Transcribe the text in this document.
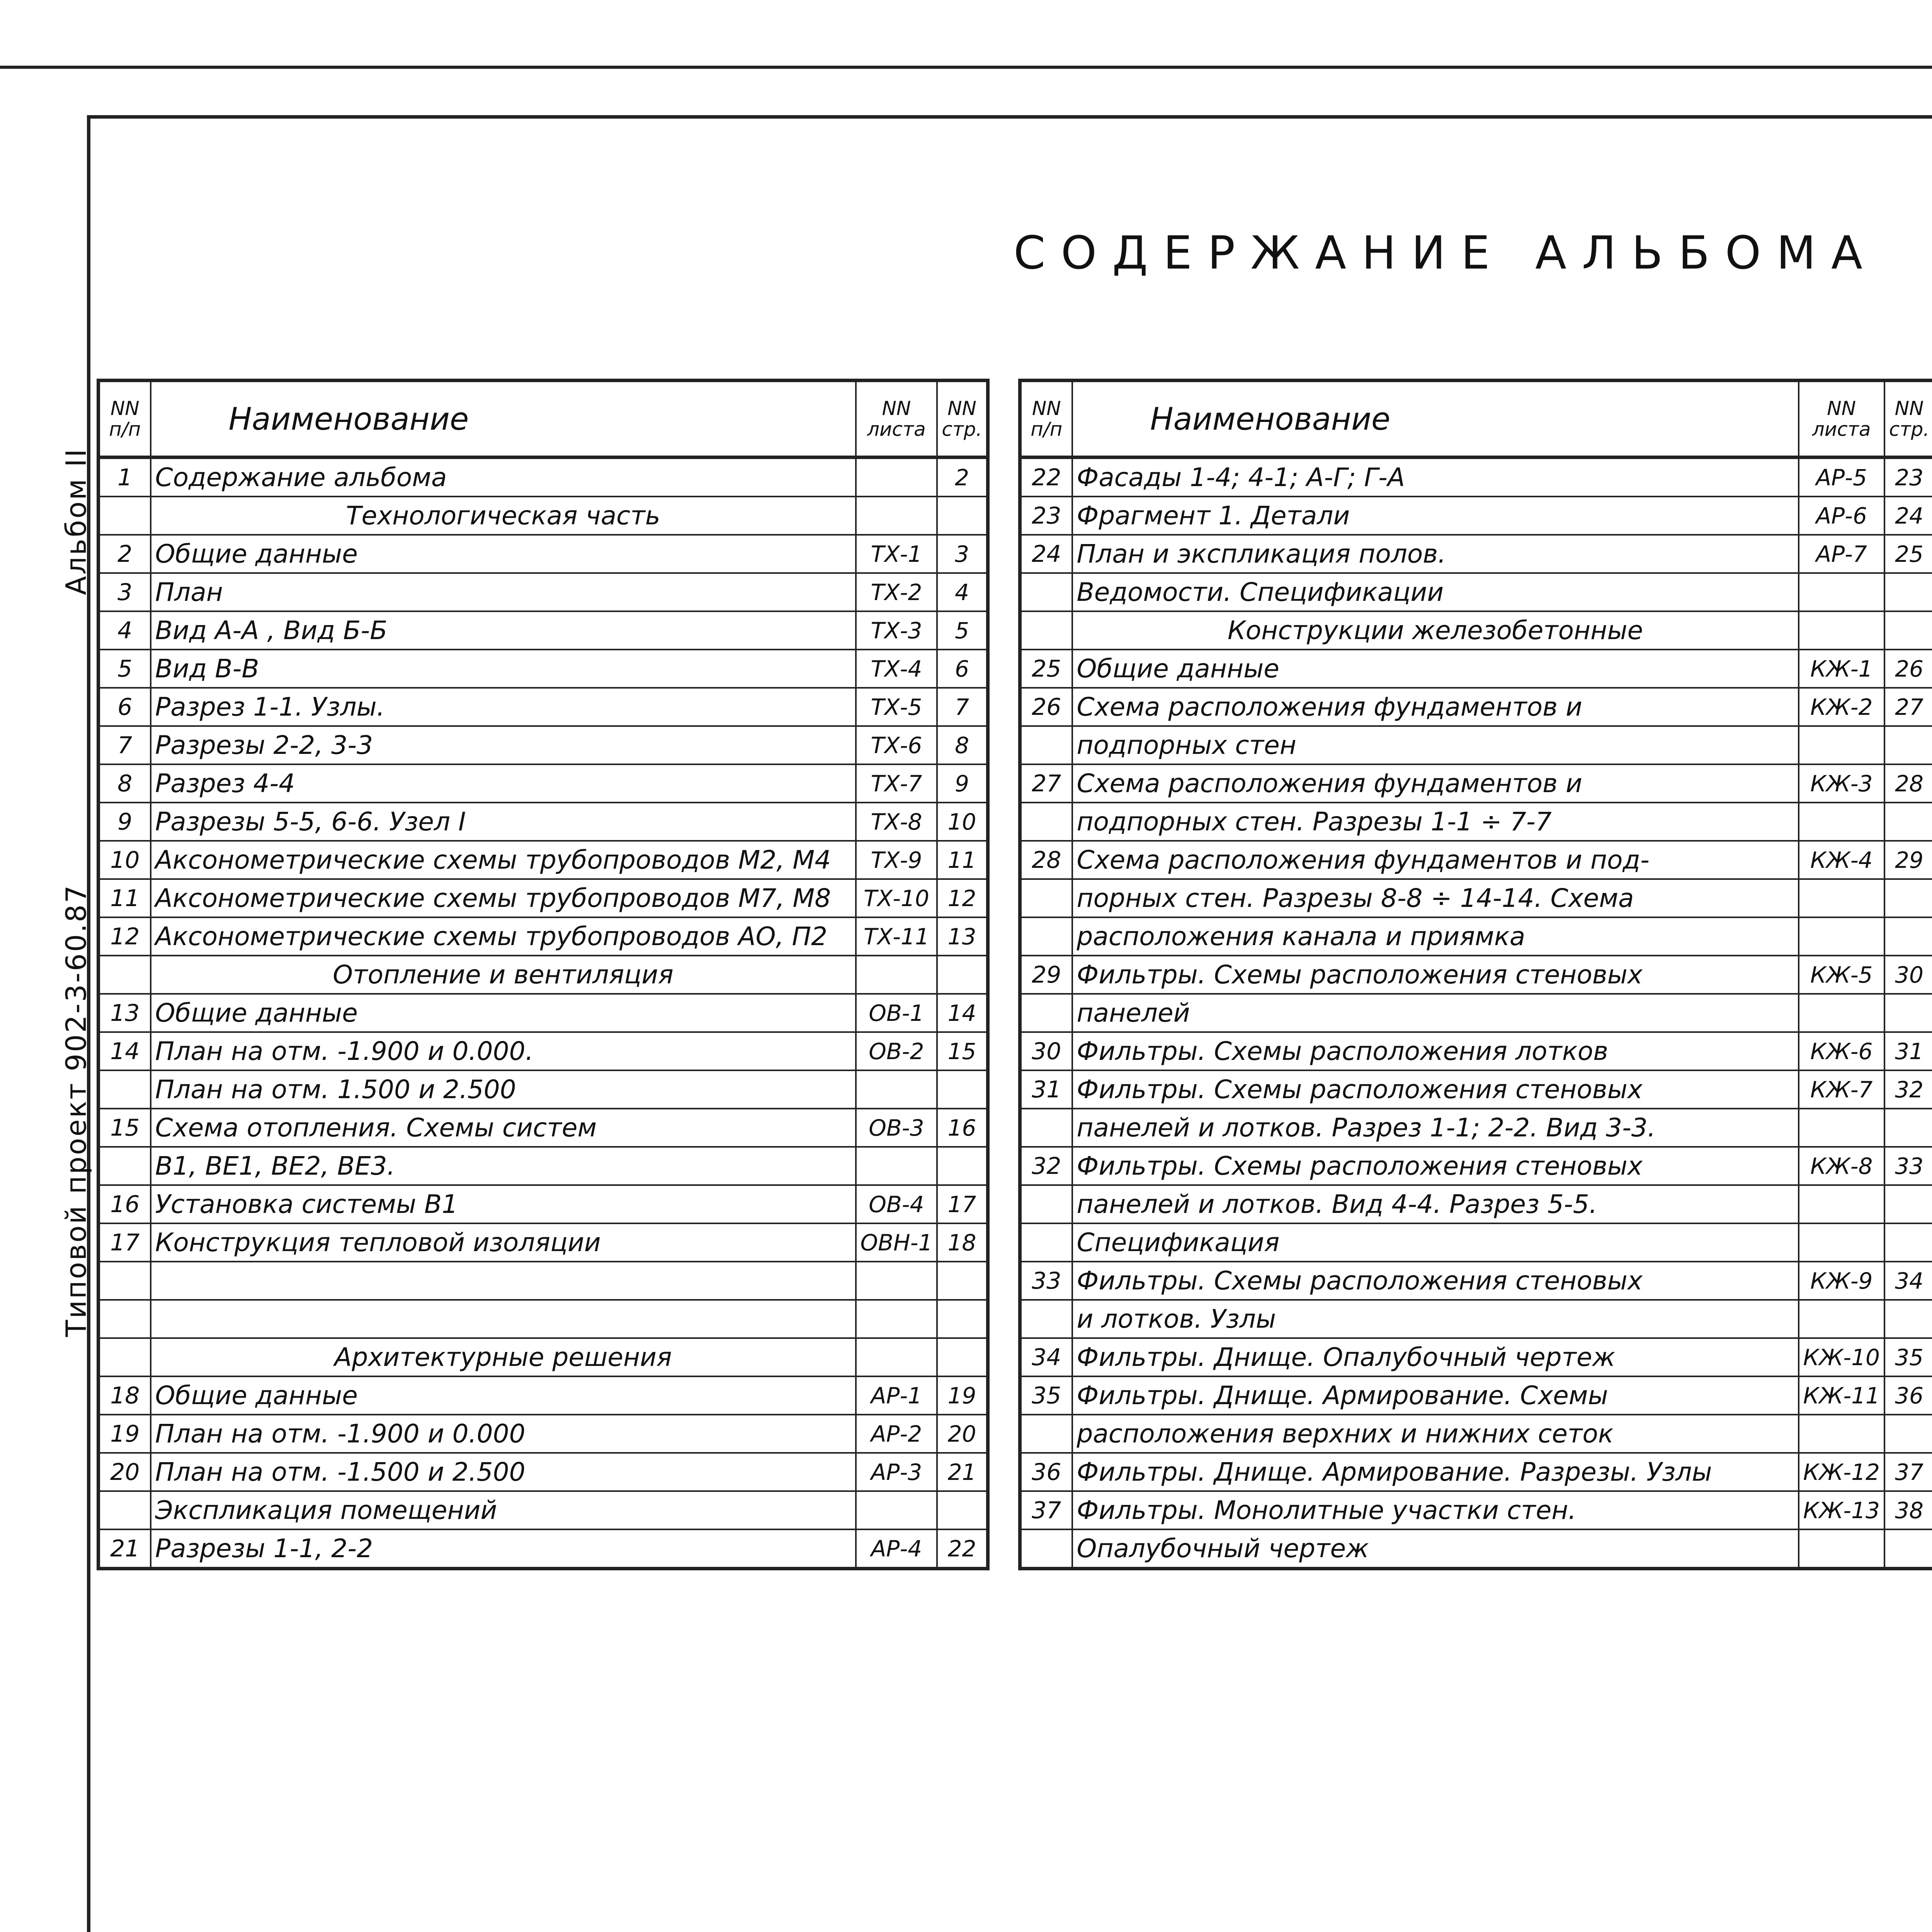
Альбом II
Типовой проект 902-3-60.87
СОДЕРЖАНИЕ АЛЬБОМА
NN п/п	Наименование	NN листа	NN стр.
1	Содержание альбома		2
	Технологическая часть		
2	Общие данные	ТХ-1	3
3	План	ТХ-2	4
4	Вид А-А , Вид Б-Б	ТХ-3	5
5	Вид В-В	ТХ-4	6
6	Разрез 1-1. Узлы.	ТХ-5	7
7	Разрезы 2-2, 3-3	ТХ-6	8
8	Разрез 4-4	ТХ-7	9
9	Разрезы 5-5, 6-6. Узел I	ТХ-8	10
10	Аксонометрические схемы трубопроводов М2, М4	ТХ-9	11
11	Аксонометрические схемы трубопроводов М7, М8	ТХ-10	12
12	Аксонометрические схемы трубопроводов АО, П2	ТХ-11	13
	Отопление и вентиляция		
13	Общие данные	ОВ-1	14
14	План на отм. -1.900 и 0.000.	ОВ-2	15
	План на отм. 1.500 и 2.500		
15	Схема отопления. Схемы систем	ОВ-3	16
	В1, ВЕ1, ВЕ2, ВЕ3.		
16	Установка системы В1	ОВ-4	17
17	Конструкция тепловой изоляции	ОВН-1	18

	Архитектурные решения		
18	Общие данные	АР-1	19
19	План на отм. -1.900 и 0.000	АР-2	20
20	План на отм. -1.500 и 2.500	АР-3	21
	Экспликация помещений		
21	Разрезы 1-1, 2-2	АР-4	22
NN п/п	Наименование	NN листа	NN стр.
22	Фасады 1-4; 4-1; А-Г; Г-А	АР-5	23
23	Фрагмент 1. Детали	АР-6	24
24	План и экспликация полов.	АР-7	25
	Ведомости. Спецификации		
	Конструкции железобетонные		
25	Общие данные	КЖ-1	26
26	Схема расположения фундаментов и	КЖ-2	27
	подпорных стен		
27	Схема расположения фундаментов и	КЖ-3	28
	подпорных стен. Разрезы 1-1 ÷ 7-7		
28	Схема расположения фундаментов и под-	КЖ-4	29
	порных стен. Разрезы 8-8 ÷ 14-14. Схема		
	расположения канала и приямка		
29	Фильтры. Схемы расположения стеновых	КЖ-5	30
	панелей		
30	Фильтры. Схемы расположения лотков	КЖ-6	31
31	Фильтры. Схемы расположения стеновых	КЖ-7	32
	панелей и лотков. Разрез 1-1; 2-2. Вид 3-3.		
32	Фильтры. Схемы расположения стеновых	КЖ-8	33
	панелей и лотков. Вид 4-4. Разрез 5-5.		
	Спецификация		
33	Фильтры. Схемы расположения стеновых	КЖ-9	34
	и лотков. Узлы		
34	Фильтры. Днище. Опалубочный чертеж	КЖ-10	35
35	Фильтры. Днище. Армирование. Схемы	КЖ-11	36
	расположения верхних и нижних сеток		
36	Фильтры. Днище. Армирование. Разрезы. Узлы	КЖ-12	37
37	Фильтры. Монолитные участки стен.	КЖ-13	38
	Опалубочный чертеж		
